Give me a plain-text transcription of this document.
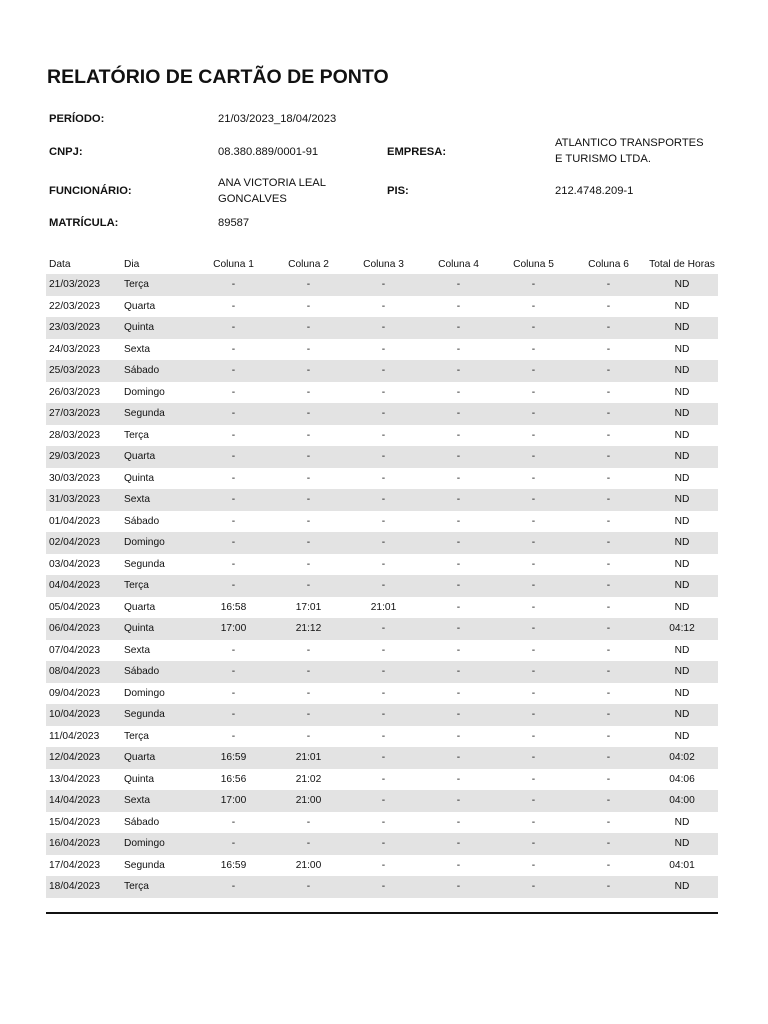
RELATÓRIO DE CARTÃO DE PONTO
PERÍODO:	21/03/2023_18/04/2023
CNPJ:	08.380.889/0001-91	EMPRESA:
ATLANTICO TRANSPORTES
E TURISMO LTDA.
FUNCIONÁRIO:
ANA VICTORIA LEAL
GONCALVES
PIS:	212.4748.209-1
MATRÍCULA:	89587
Data	Dia	Coluna 1	Coluna 2	Coluna 3	Coluna 4	Coluna 5	Coluna 6	Total de Horas
21/03/2023	Terça	-	-	-	-	-	-	ND
22/03/2023	Quarta	-	-	-	-	-	-	ND
23/03/2023	Quinta	-	-	-	-	-	-	ND
24/03/2023	Sexta	-	-	-	-	-	-	ND
25/03/2023	Sábado	-	-	-	-	-	-	ND
26/03/2023	Domingo	-	-	-	-	-	-	ND
27/03/2023	Segunda	-	-	-	-	-	-	ND
28/03/2023	Terça	-	-	-	-	-	-	ND
29/03/2023	Quarta	-	-	-	-	-	-	ND
30/03/2023	Quinta	-	-	-	-	-	-	ND
31/03/2023	Sexta	-	-	-	-	-	-	ND
01/04/2023	Sábado	-	-	-	-	-	-	ND
02/04/2023	Domingo	-	-	-	-	-	-	ND
03/04/2023	Segunda	-	-	-	-	-	-	ND
04/04/2023	Terça	-	-	-	-	-	-	ND
05/04/2023	Quarta	16:58	17:01	21:01	-	-	-	ND
06/04/2023	Quinta	17:00	21:12	-	-	-	-	04:12
07/04/2023	Sexta	-	-	-	-	-	-	ND
08/04/2023	Sábado	-	-	-	-	-	-	ND
09/04/2023	Domingo	-	-	-	-	-	-	ND
10/04/2023	Segunda	-	-	-	-	-	-	ND
11/04/2023	Terça	-	-	-	-	-	-	ND
12/04/2023	Quarta	16:59	21:01	-	-	-	-	04:02
13/04/2023	Quinta	16:56	21:02	-	-	-	-	04:06
14/04/2023	Sexta	17:00	21:00	-	-	-	-	04:00
15/04/2023	Sábado	-	-	-	-	-	-	ND
16/04/2023	Domingo	-	-	-	-	-	-	ND
17/04/2023	Segunda	16:59	21:00	-	-	-	-	04:01
18/04/2023	Terça	-	-	-	-	-	-	ND
